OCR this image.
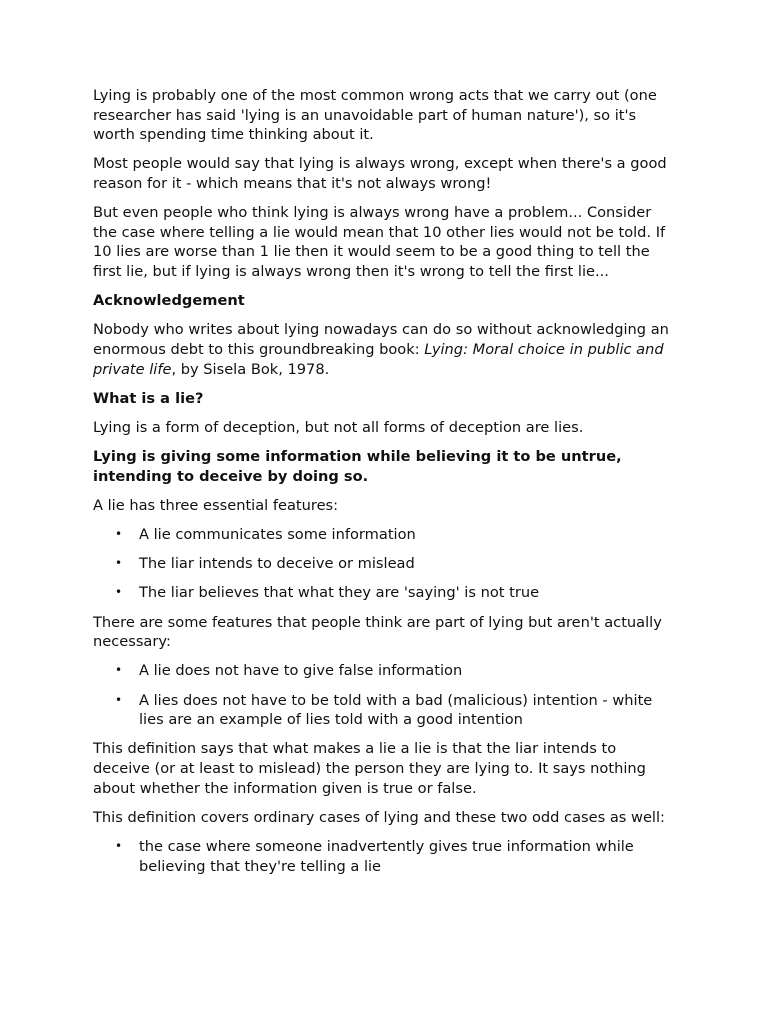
Lying is probably one of the most common wrong acts that we carry out (one researcher has said 'lying is an unavoidable part of human nature'), so it's worth spending time thinking about it.

Most people would say that lying is always wrong, except when there's a good reason for it - which means that it's not always wrong!

But even people who think lying is always wrong have a problem... Consider the case where telling a lie would mean that 10 other lies would not be told. If 10 lies are worse than 1 lie then it would seem to be a good thing to tell the first lie, but if lying is always wrong then it's wrong to tell the first lie...

Acknowledgement

Nobody who writes about lying nowadays can do so without acknowledging an enormous debt to this groundbreaking book: Lying: Moral choice in public and private life, by Sisela Bok, 1978.

What is a lie?

Lying is a form of deception, but not all forms of deception are lies.

Lying is giving some information while believing it to be untrue, intending to deceive by doing so.

A lie has three essential features:

• A lie communicates some information
• The liar intends to deceive or mislead
• The liar believes that what they are 'saying' is not true

There are some features that people think are part of lying but aren't actually necessary:

• A lie does not have to give false information
• A lies does not have to be told with a bad (malicious) intention - white lies are an example of lies told with a good intention

This definition says that what makes a lie a lie is that the liar intends to deceive (or at least to mislead) the person they are lying to. It says nothing about whether the information given is true or false.

This definition covers ordinary cases of lying and these two odd cases as well:

• the case where someone inadvertently gives true information while believing that they're telling a lie
